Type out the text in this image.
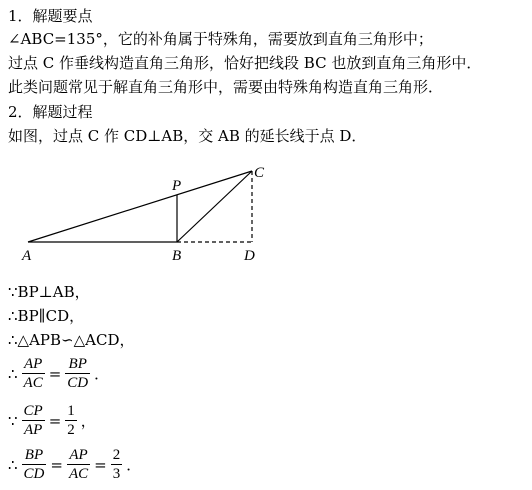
1．解题要点
∠ABC=135°，它的补角属于特殊角，需要放到直角三角形中；
过点 C 作垂线构造直角三角形，恰好把线段 BC 也放到直角三角形中．
此类问题常见于解直角三角形中，需要由特殊角构造直角三角形．
2．解题过程
如图，过点 C 作 CD⊥AB，交 AB 的延长线于点 D．
A	B
C
D
P
∵BP⊥AB，
∴BP∥CD，
∴△APB∽△ACD，
∴ $\frac{AP}{AC} = \frac{BP}{CD}$ ．
∵ $\frac{CP}{AP} = \frac{1}{2}$ ，
∴ $\frac{BP}{CD} = \frac{AP}{AC} = \frac{2}{3}$ ．
